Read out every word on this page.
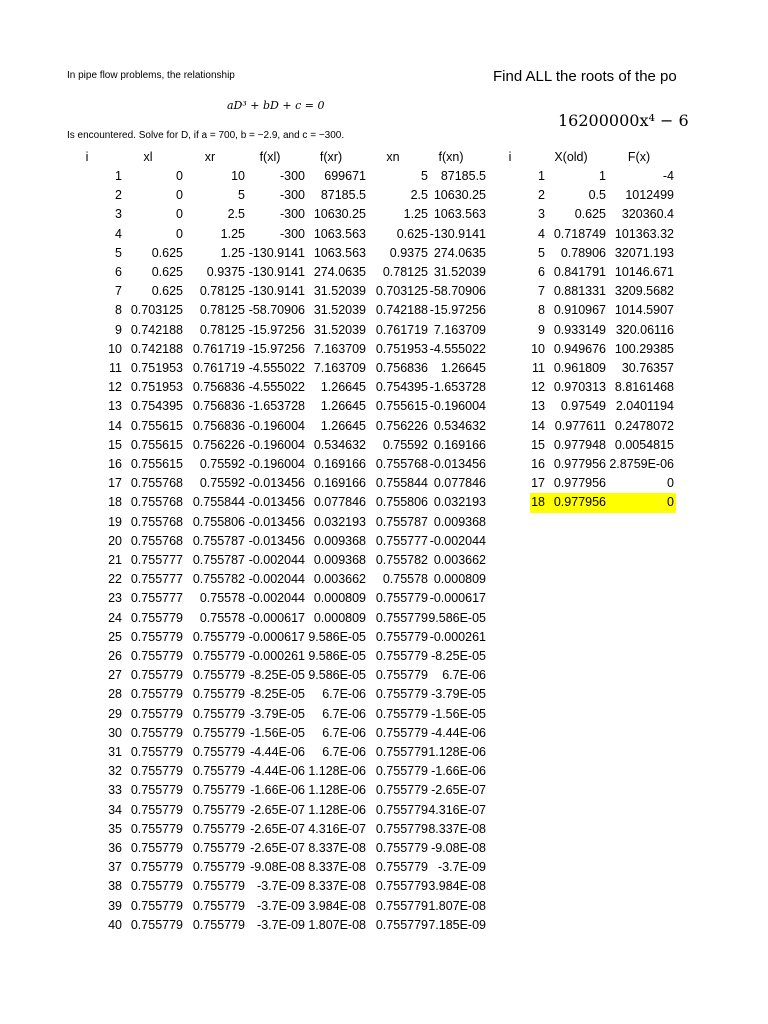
In pipe flow problems, the relationship
aD³ + bD + c = 0
Is encountered. Solve for D, if a = 700, b = −2.9, and c = −300.
Find ALL the roots of the po
16200000x⁴ − 6
i	xl	xr	f(xl)	f(xr)	xn	f(xn)	i	X(old)	F(x)
1	0	10	-300	699671	5	87185.5	1	1	-4
2	0	5	-300	87185.5	2.5 10630.25	2	0.5	1012499
3	0	2.5	-300 10630.25	1.25 1063.563	3	0.625	320360.4
4	0	1.25	-300 1063.563	0.625 -130.9141	4 0.718749 101363.32
5	0.625	1.25 -130.9141 1063.563	0.9375 274.0635	5	0.78906 32071.193
6	0.625	0.9375 -130.9141 274.0635	0.78125 31.52039	6 0.841791 10146.671
7	0.625	0.78125 -130.9141 31.52039 0.703125 -58.70906	7 0.881331 3209.5682
8 0.703125	0.78125 -58.70906 31.52039 0.742188 -15.97256	8 0.910967 1014.5907
9 0.742188	0.78125 -15.97256 31.52039 0.761719 7.163709	9 0.933149 320.06116
10 0.742188 0.761719 -15.97256 7.163709 0.751953 -4.555022	10 0.949676 100.29385
11 0.751953 0.761719 -4.555022 7.163709 0.756836	1.26645	11 0.961809	30.76357
12 0.751953 0.756836 -4.555022	1.26645 0.754395 -1.653728	12 0.970313 8.8161468
13 0.754395 0.756836 -1.653728	1.26645 0.755615 -0.196004	13	0.97549 2.0401194
14 0.755615 0.756836 -0.196004	1.26645 0.756226 0.534632	14 0.977611 0.2478072
15 0.755615 0.756226 -0.196004 0.534632	0.75592 0.169166	15 0.977948 0.0054815
16 0.755615	0.75592 -0.196004 0.169166 0.755768 -0.013456	16 0.977956 2.8759E-06
17 0.755768	0.75592 -0.013456 0.169166 0.755844 0.077846	17 0.977956	0
18 0.755768 0.755844 -0.013456 0.077846 0.755806 0.032193	18 0.977956	0
19 0.755768 0.755806 -0.013456 0.032193 0.755787 0.009368
20 0.755768 0.755787 -0.013456 0.009368 0.755777 -0.002044
21 0.755777 0.755787 -0.002044 0.009368 0.755782 0.003662
22 0.755777 0.755782 -0.002044 0.003662	0.75578 0.000809
23 0.755777	0.75578 -0.002044 0.000809 0.755779 -0.000617
24 0.755779	0.75578 -0.000617 0.000809 0.755779 9.586E-05
25 0.755779 0.755779 -0.000617 9.586E-05 0.755779 -0.000261
26 0.755779 0.755779 -0.000261 9.586E-05 0.755779 -8.25E-05
27 0.755779 0.755779 -8.25E-05 9.586E-05 0.755779	6.7E-06
28 0.755779 0.755779 -8.25E-05	6.7E-06 0.755779 -3.79E-05
29 0.755779 0.755779 -3.79E-05	6.7E-06 0.755779 -1.56E-05
30 0.755779 0.755779 -1.56E-05	6.7E-06 0.755779 -4.44E-06
31 0.755779 0.755779 -4.44E-06	6.7E-06 0.755779 1.128E-06
32 0.755779 0.755779 -4.44E-06 1.128E-06 0.755779 -1.66E-06
33 0.755779 0.755779 -1.66E-06 1.128E-06 0.755779 -2.65E-07
34 0.755779 0.755779 -2.65E-07 1.128E-06 0.755779 4.316E-07
35 0.755779 0.755779 -2.65E-07 4.316E-07 0.755779 8.337E-08
36 0.755779 0.755779 -2.65E-07 8.337E-08 0.755779 -9.08E-08
37 0.755779 0.755779 -9.08E-08 8.337E-08 0.755779 -3.7E-09
38 0.755779 0.755779 -3.7E-09 8.337E-08 0.755779 3.984E-08
39 0.755779 0.755779 -3.7E-09 3.984E-08 0.755779 1.807E-08
40 0.755779 0.755779 -3.7E-09 1.807E-08 0.755779 7.185E-09
